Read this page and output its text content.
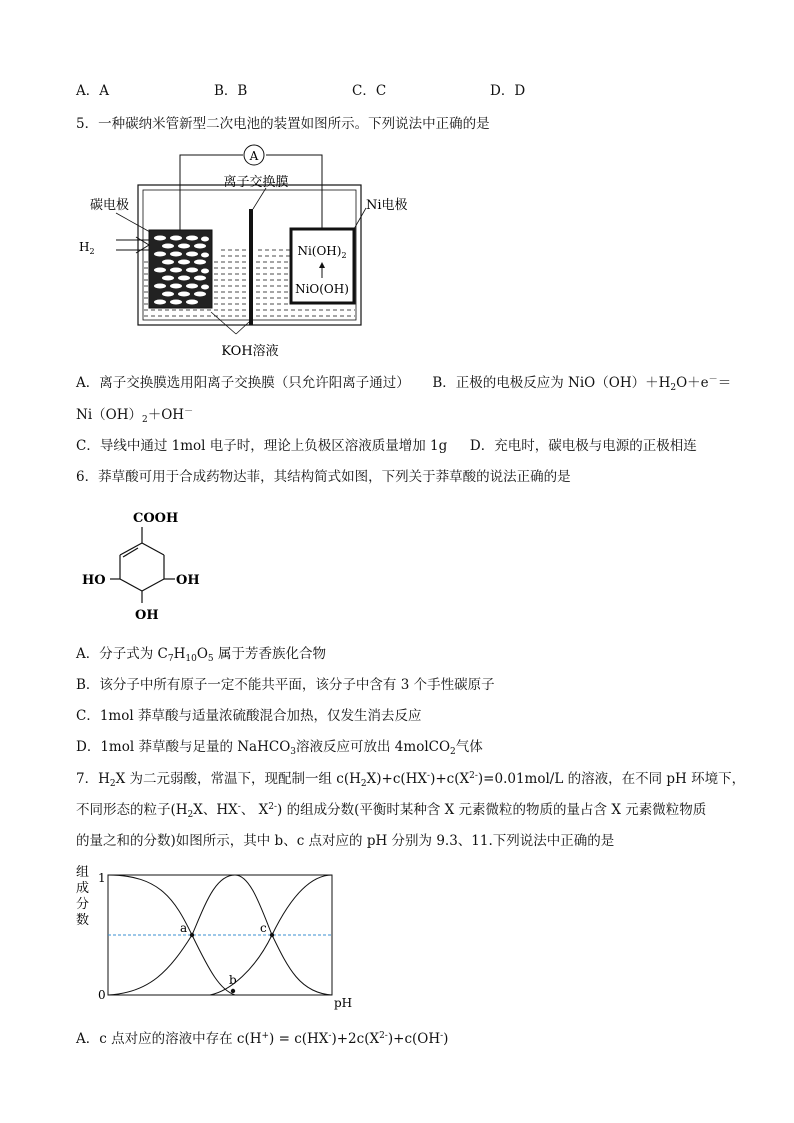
A．A	B．B	C．C	D．D
5．一种碳纳米管新型二次电池的装置如图所示。下列说法中正确的是
A
离子交换膜
$Ni(OH)_2$
NiO(OH)
Ni电极
碳电极
$H_2$
KOH溶液
A．离子交换膜选用阳离子交换膜（只允许阳离子通过） B．正极的电极反应为 $NiO(OH)+H_2O+e^-=$
$Ni(OH)_2+OH^-$
C．导线中通过 1mol 电子时，理论上负极区溶液质量增加 1g D．充电时，碳电极与电源的正极相连
6．莽草酸可用于合成药物达菲，其结构简式如图，下列关于莽草酸的说法正确的是
COOH
HO	OH
OH
A．分子式为 $C_7H_{10}O_5$ 属于芳香族化合物
B．该分子中所有原子一定不能共平面，该分子中含有 3 个手性碳原子
C．1mol 莽草酸与适量浓硫酸混合加热，仅发生消去反应
D．1mol 莽草酸与足量的 NaHCO$_3$溶液反应可放出 4molCO$_2$气体
7．$H_2X$ 为二元弱酸，常温下，现配制一组 $c(H_2X)+c(HX^-)+c(X^{2-})=0.01mol/L$ 的溶液，在不同 pH 环境下，
不同形态的粒子($H_2X$、HX-、 $X^{2-}$) 的组成分数(平衡时某种含 X 元素微粒的物质的量占含 X 元素微粒物质
的量之和的分数)如图所示，其中 b、c 点对应的 pH 分别为 9.3、11.下列说法中正确的是
组
成
分
数
1
0
a
b
c
pH
A．c 点对应的溶液中存在 $c(H^+) = c(HX^-)+2c(X^{2-})+c(OH^-)$
